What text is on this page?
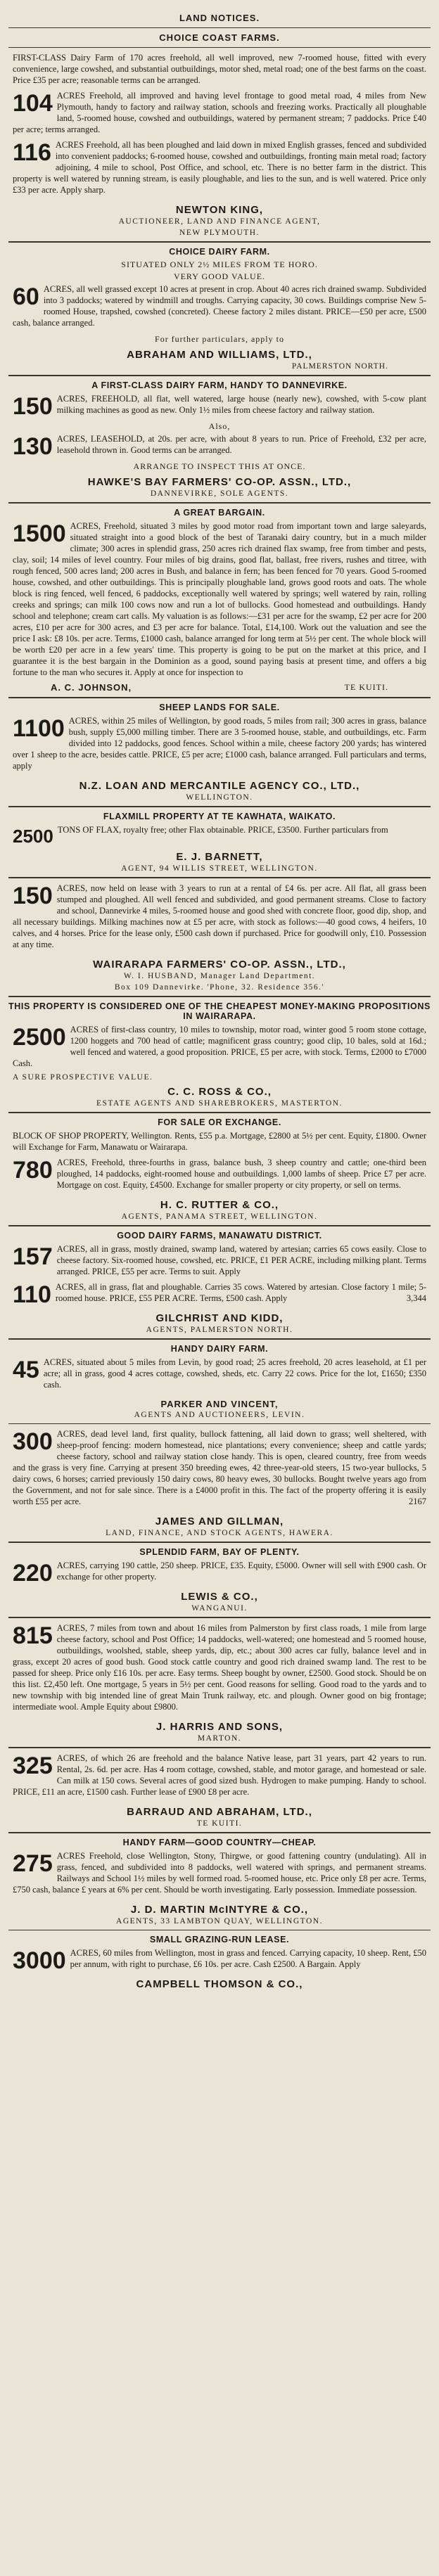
LAND NOTICES.
CHOICE COAST FARMS.

FIRST-CLASS Dairy Farm of 170 acres freehold, all well improved, new 7-roomed house, fitted with every convenience, large cowshed, and substantial outbuildings, motor shed, metal road; one of the best farms on the coast. Price £35 per acre; reasonable terms can be arranged.

104 ACRES Freehold, all improved and having level frontage to good metal road, 4 miles from New Plymouth, handy to factory and railway station, schools and freezing works. Practically all ploughable land, 5-roomed house, cowshed and outbuildings, watered by permanent stream; 7 paddocks. Price £40 per acre; terms arranged.

116 ACRES Freehold, all has been ploughed and laid down in mixed English grasses, fenced and subdivided into convenient paddocks; 6-roomed house, cowshed and outbuildings, fronting main metal road; factory adjoining, 4 mile to school, Post Office, and school, etc. There is no better farm in the district. This property is well watered by running stream, is easily ploughable, and lies to the sun, and is well watered. Price only £33 per acre. Apply sharp.

NEWTON KING,
AUCTIONEER, LAND AND FINANCE AGENT,
NEW PLYMOUTH.
CHOICE DAIRY FARM.
SITUATED ONLY 2½ MILES FROM TE HORO.
VERY GOOD VALUE.

60 ACRES, all well grassed except 10 acres at present in crop. About 40 acres rich drained swamp. Subdivided into 3 paddocks; watered by windmill and troughs. Carrying capacity, 30 cows. Buildings comprise New 5-roomed House, trapshed, cowshed (concreted). Cheese factory 2 miles distant. PRICE—£50 per acre, £500 cash, balance arranged.

For further particulars, apply to
ABRAHAM AND WILLIAMS, LTD.,
PALMERSTON NORTH.
A FIRST-CLASS DAIRY FARM, HANDY TO DANNEVIRKE.

150 ACRES, FREEHOLD, all flat, well watered, large house (nearly new), cowshed, with 5-cow plant milking machines as good as new. Only 1½ miles from cheese factory and railway station.

Also,

130 ACRES, LEASEHOLD, at 20s. per acre, with about 8 years to run. Price of Freehold, £32 per acre, leasehold thrown in. Good terms can be arranged.

ARRANGE TO INSPECT THIS AT ONCE.
HAWKE'S BAY FARMERS' CO-OP. ASSN., LTD.,
DANNEVIRKE, SOLE AGENTS.
A GREAT BARGAIN.

1500 ACRES, Freehold, situated 3 miles by good motor road from important town and large saleyards, situated straight into a good block of the best of Taranaki dairy country, but in a much milder climate; 300 acres in splendid grass, 250 acres rich drained flax swamp, free from timber and pests, clay, soil; 14 miles of level country. Four miles of big drains, good flat, ballast, free rivers, rushes and titree, with rough fenced, 500 acres land; 200 acres in Bush, and balance in fern; has been fenced for 70 years. Good 5-roomed house, cowshed, and other outbuildings. This is principally ploughable land, grows good roots and oats. The whole block is ring fenced, well fenced, 6 paddocks, exceptionally well watered by springs; well watered by rain, rolling creeks and springs; can milk 100 cows now and run a lot of bullocks. Good homestead and outbuildings. Handy school and telephone; cream cart calls. My valuation is as follows:—£31 per acre for the swamp, £2 per acre for 200 acres, £10 per acre for 300 acres, and £3 per acre for balance. Total, £14,100. Work out the valuation and see the price I ask: £8 10s. per acre. Terms, £1000 cash, balance arranged for long term at 5½ per cent. The whole block will be worth £20 per acre in a few years' time. This property is going to be put on the market at this price, and I guarantee it is the best bargain in the Dominion as a good, sound paying basis at present time, and offers a big fortune to the man who secures it. Apply at once for inspection to

A. C. JOHNSON,	TE KUITI.
SHEEP LANDS FOR SALE.

1100 ACRES, within 25 miles of Wellington, by good roads, 5 miles from rail; 300 acres in grass, balance bush, supply £5,000 milling timber. There are 3 5-roomed house, stable, and outbuildings, etc. Farm divided into 12 paddocks, good fences. School within a mile, cheese factory 200 yards; has wintered over 1 sheep to the acre, besides cattle. PRICE, £5 per acre; £1000 cash, balance arranged. Full particulars and terms, apply

N.Z. LOAN AND MERCANTILE AGENCY CO., LTD.,
WELLINGTON.
FLAXMILL PROPERTY AT TE KAWHATA, WAIKATO.

2500 TONS OF FLAX, royalty free; other Flax obtainable. PRICE, £3500. Further particulars from

E. J. BARNETT,
AGENT, 94 WILLIS STREET, WELLINGTON.

150 ACRES, now held on lease with 3 years to run at a rental of £4 6s. per acre. All flat, all grass been stumped and ploughed. All well fenced and subdivided, and good permanent streams. Close to factory and school, Dannevirke 4 miles, 5-roomed house and good shed with concrete floor, good dip, shop, and all necessary buildings. Milking machines now at £5 per acre, with stock as follows:—40 good cows, 4 heifers, 10 calves, and 4 horses. Price for the lease only, £500 cash down if purchased. Price for goodwill only, £10. Possession at any time.

WAIRARAPA FARMERS' CO-OP. ASSN., LTD.,
W. I. HUSBAND, Manager Land Department.
Box 109 Dannevirke. 'Phone, 32. Residence 356.'
THIS PROPERTY IS CONSIDERED ONE OF THE CHEAPEST MONEY-MAKING PROPOSITIONS IN WAIRARAPA.

2500 ACRES of first-class country, 10 miles to township, motor road, winter good 5 room stone cottage, 1200 hoggets and 700 head of cattle; magnificent grass country; good clip, 10 bales, sold at 16d.; well fenced and watered, a good proposition. PRICE, £5 per acre, with stock. Terms, £2000 to £7000 Cash.

A SURE PROSPECTIVE VALUE.
C. C. ROSS & CO.,
ESTATE AGENTS AND SHAREBROKERS, MASTERTON.
FOR SALE OR EXCHANGE.

BLOCK OF SHOP PROPERTY, Wellington. Rents, £55 p.a. Mortgage, £2800 at 5½ per cent. Equity, £1800. Owner will Exchange for Farm, Manawatu or Wairarapa.

780 ACRES, Freehold, three-fourths in grass, balance bush, 3 sheep country and cattle; one-third been ploughed, 14 paddocks, eight-roomed house and outbuildings. 1,000 lambs of sheep. Price £7 per acre. Mortgage on cost. Equity, £4500. Exchange for smaller property or city property, or sell on terms.

H. C. RUTTER & CO.,
AGENTS, PANAMA STREET, WELLINGTON.
GOOD DAIRY FARMS, MANAWATU DISTRICT.

157 ACRES, all in grass, mostly drained, swamp land, watered by artesian; carries 65 cows easily. Close to cheese factory. Six-roomed house, cowshed, etc. PRICE, £1 PER ACRE, including milking plant. Terms arranged. PRICE, £55 per acre. Terms to suit. Apply

110 ACRES, all in grass, flat and ploughable. Carries 35 cows. Watered by artesian. Close factory 1 mile; 5-roomed house. PRICE, £55 PER ACRE. Terms, £500 cash. Apply	3,344

GILCHRIST AND KIDD,
AGENTS, PALMERSTON NORTH.
HANDY DAIRY FARM.

45 ACRES, situated about 5 miles from Levin, by good road; 25 acres freehold, 20 acres leasehold, at £1 per acre; all in grass, good 4 acres cottage, cowshed, sheds, etc. Carry 22 cows. Price for the lot, £1650; £350 cash.

PARKER AND VINCENT,
AGENTS AND AUCTIONEERS, LEVIN.

300 ACRES, dead level land, first quality, bullock fattening, all laid down to grass; well sheltered, with sheep-proof fencing: modern homestead, nice plantations; every convenience; sheep and cattle yards; cheese factory, school and railway station close handy. This is open, cleared country, free from weeds and the grass is very fine. Carrying at present 350 breeding ewes, 42 three-year-old steers, 15 two-year bullocks, 5 dairy cows, 6 horses; carried previously 150 dairy cows, 80 heavy ewes, 30 bullocks. Bought twelve years ago from the Government, and not for sale since. There is a £4000 profit in this. The fact of the property offering it is easily worth £55 per acre.	2167

JAMES AND GILLMAN,
LAND, FINANCE, AND STOCK AGENTS, HAWERA.
SPLENDID FARM, BAY OF PLENTY.

220 ACRES, carrying 190 cattle, 250 sheep. PRICE, £35. Equity, £5000. Owner will sell with £900 cash. Or exchange for other property.

LEWIS & CO.,
WANGANUI.

815 ACRES, 7 miles from town and about 16 miles from Palmerston by first class roads, 1 mile from large cheese factory, school and Post Office; 14 paddocks, well-watered; one homestead and 5 roomed house, outbuildings, woolshed, stable, sheep yards, dip, etc.; about 300 acres car fully, balance level and in grass, except 20 acres of good bush. Good stock cattle country and good rich drained swamp land. The rest to be passed for sheep. Price only £16 10s. per acre. Easy terms. Sheep bought by owner, £2500. Good stock. Should be on this list. £2,450 left. One mortgage, 5 years in 5½ per cent. Good reasons for selling. Good road to the yards and to new township with big intended line of great Main Trunk railway, etc. and plough. Owner good on big frontage; intermediate wool. Ample Equity about £9800.

J. HARRIS AND SONS,
MARTON.

325 ACRES, of which 26 are freehold and the balance Native lease, part 31 years, part 42 years to run. Rental, 2s. 6d. per acre. Has 4 room cottage, cowshed, stable, and motor garage, and homestead or sale. Can milk at 150 cows. Several acres of good sized bush. Hydrogen to make pumping. Handy to school. PRICE, £11 an acre, £1500 cash. Further lease of £900 £8 per acre.

BARRAUD AND ABRAHAM, LTD.,
TE KUITI.
HANDY FARM—GOOD COUNTRY—CHEAP.

275 ACRES Freehold, close Wellington, Stony, Thirgwe, or good fattening country (undulating). All in grass, fenced, and subdivided into 8 paddocks, well watered with springs, and permanent streams. Railways and School 1½ miles by well formed road. 5-roomed house, etc. Price only £8 per acre. Terms, £750 cash, balance £ years at 6% per cent. Should be worth investigating. Early possession. Immediate possession.

J. D. MARTIN McINTYRE & CO.,
AGENTS, 33 LAMBTON QUAY, WELLINGTON.
SMALL GRAZING-RUN LEASE.

3000 ACRES, 60 miles from Wellington, most in grass and fenced. Carrying capacity, 10 sheep. Rent, £50 per annum, with right to purchase, £6 10s. per acre. Cash £2500. A Bargain. Apply

CAMPBELL THOMSON & CO.,
